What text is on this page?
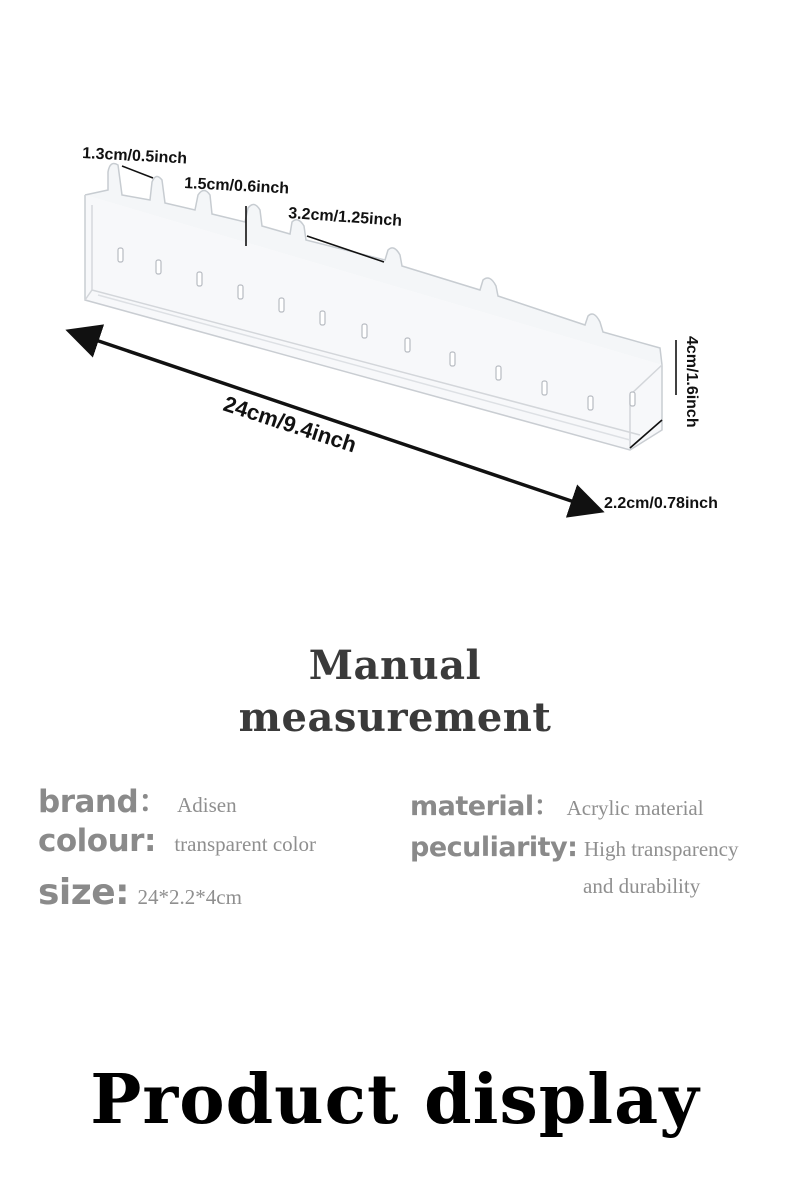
1.3cm/0.5inch
1.5cm/0.6inch
3.2cm/1.25inch
24cm/9.4inch	4cm/1.6inch
2.2cm/0.78inch
Manual
measurement
brand： Adisen
colour: transparent color
size: 24*2.2*4cm
material： Acrylic material
peculiarity: High transparency
and durability
Product display
